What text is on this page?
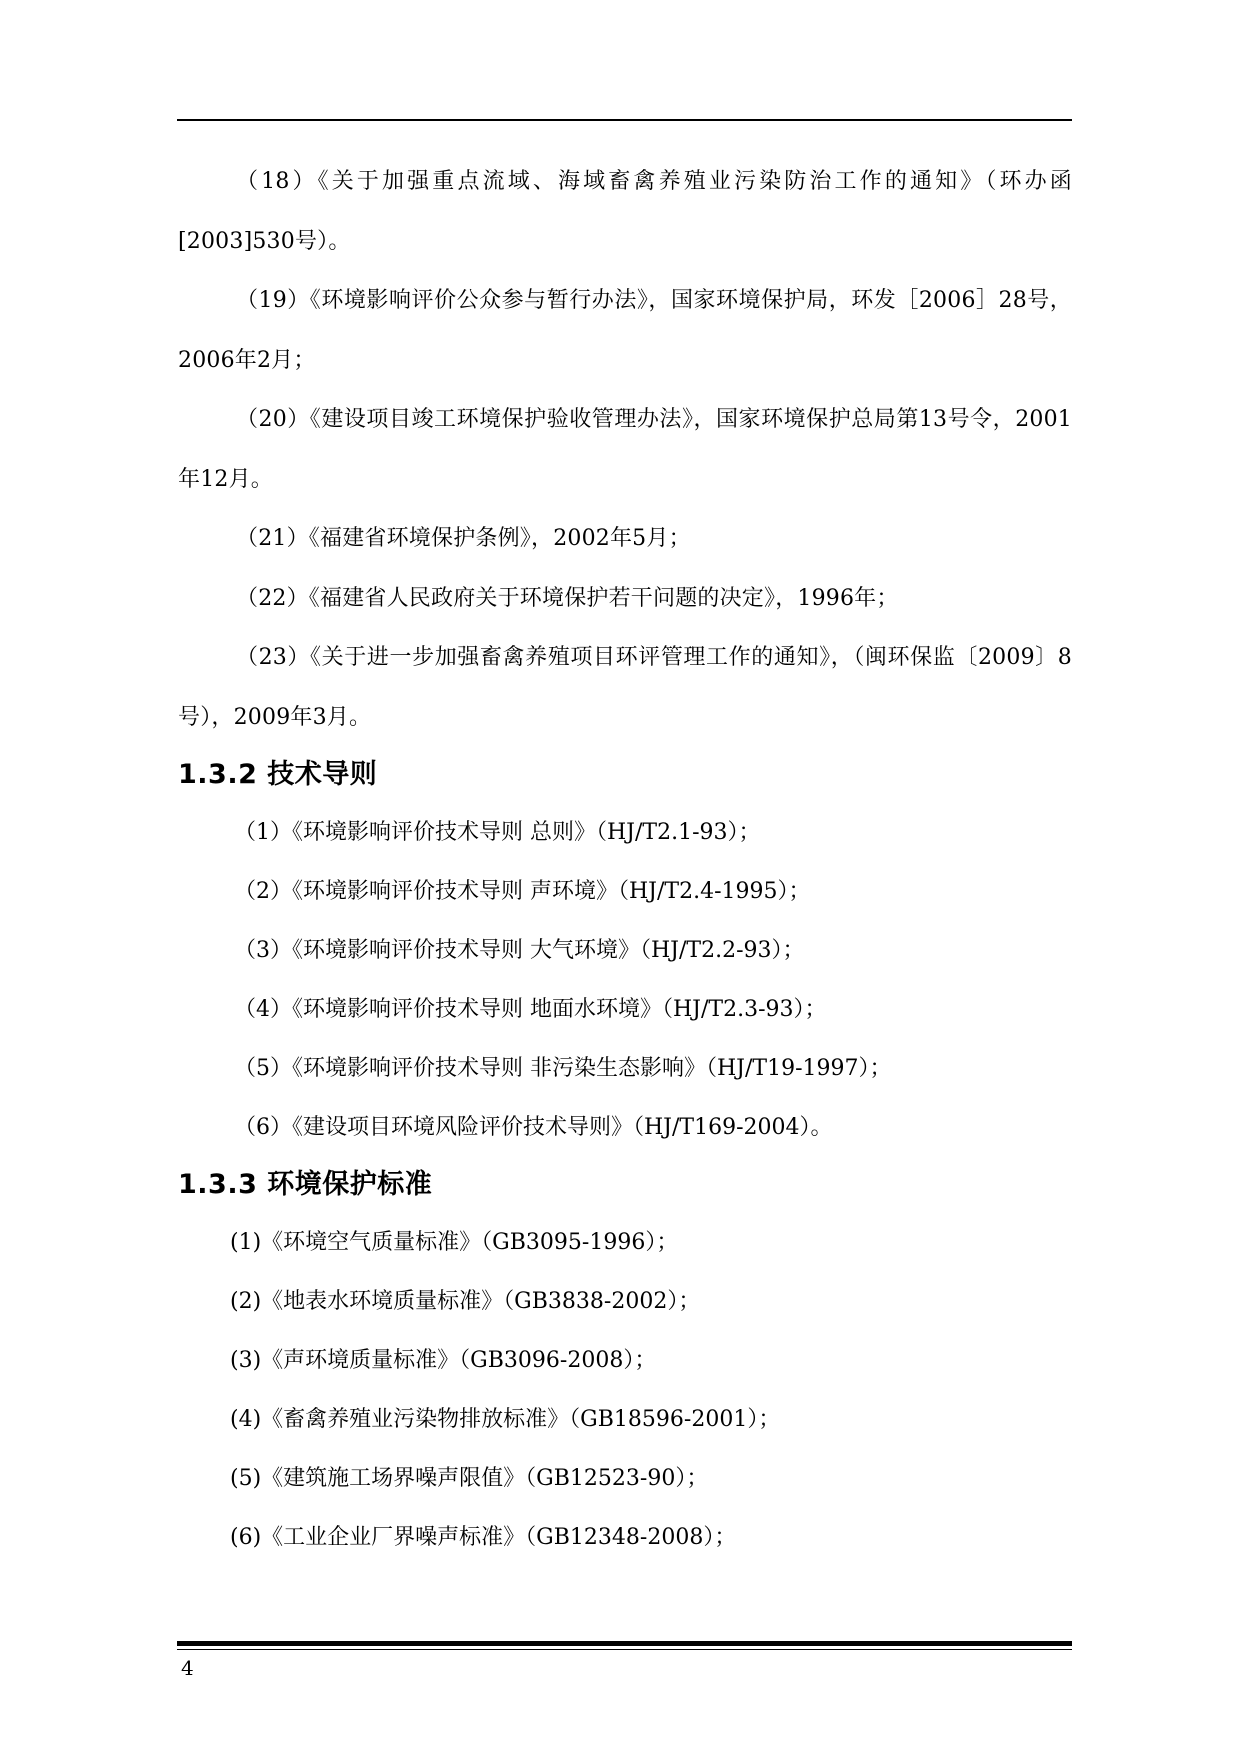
（18）《关于加强重点流域、海域畜禽养殖业污染防治工作的通知》（环办函[2003]530号）。

（19）《环境影响评价公众参与暂行办法》，国家环境保护局，环发［2006］28号，2006年2月；

（20）《建设项目竣工环境保护验收管理办法》，国家环境保护总局第13号令，2001年12月。

（21）《福建省环境保护条例》，2002年5月；

（22）《福建省人民政府关于环境保护若干问题的决定》，1996年；

（23）《关于进一步加强畜禽养殖项目环评管理工作的通知》，（闽环保监〔2009〕8号），2009年3月。

1.3.2 技术导则

（1）《环境影响评价技术导则 总则》（HJ/T2.1-93）；

（2）《环境影响评价技术导则 声环境》（HJ/T2.4-1995）；

（3）《环境影响评价技术导则 大气环境》（HJ/T2.2-93）；

（4）《环境影响评价技术导则 地面水环境》（HJ/T2.3-93）；

（5）《环境影响评价技术导则 非污染生态影响》（HJ/T19-1997）；

（6）《建设项目环境风险评价技术导则》（HJ/T169-2004）。

1.3.3 环境保护标准

(1)《环境空气质量标准》（GB3095-1996）；

(2)《地表水环境质量标准》（GB3838-2002）；

(3)《声环境质量标准》（GB3096-2008）；

(4)《畜禽养殖业污染物排放标准》（GB18596-2001）；

(5)《建筑施工场界噪声限值》（GB12523-90）；

(6)《工业企业厂界噪声标准》（GB12348-2008）；

4
